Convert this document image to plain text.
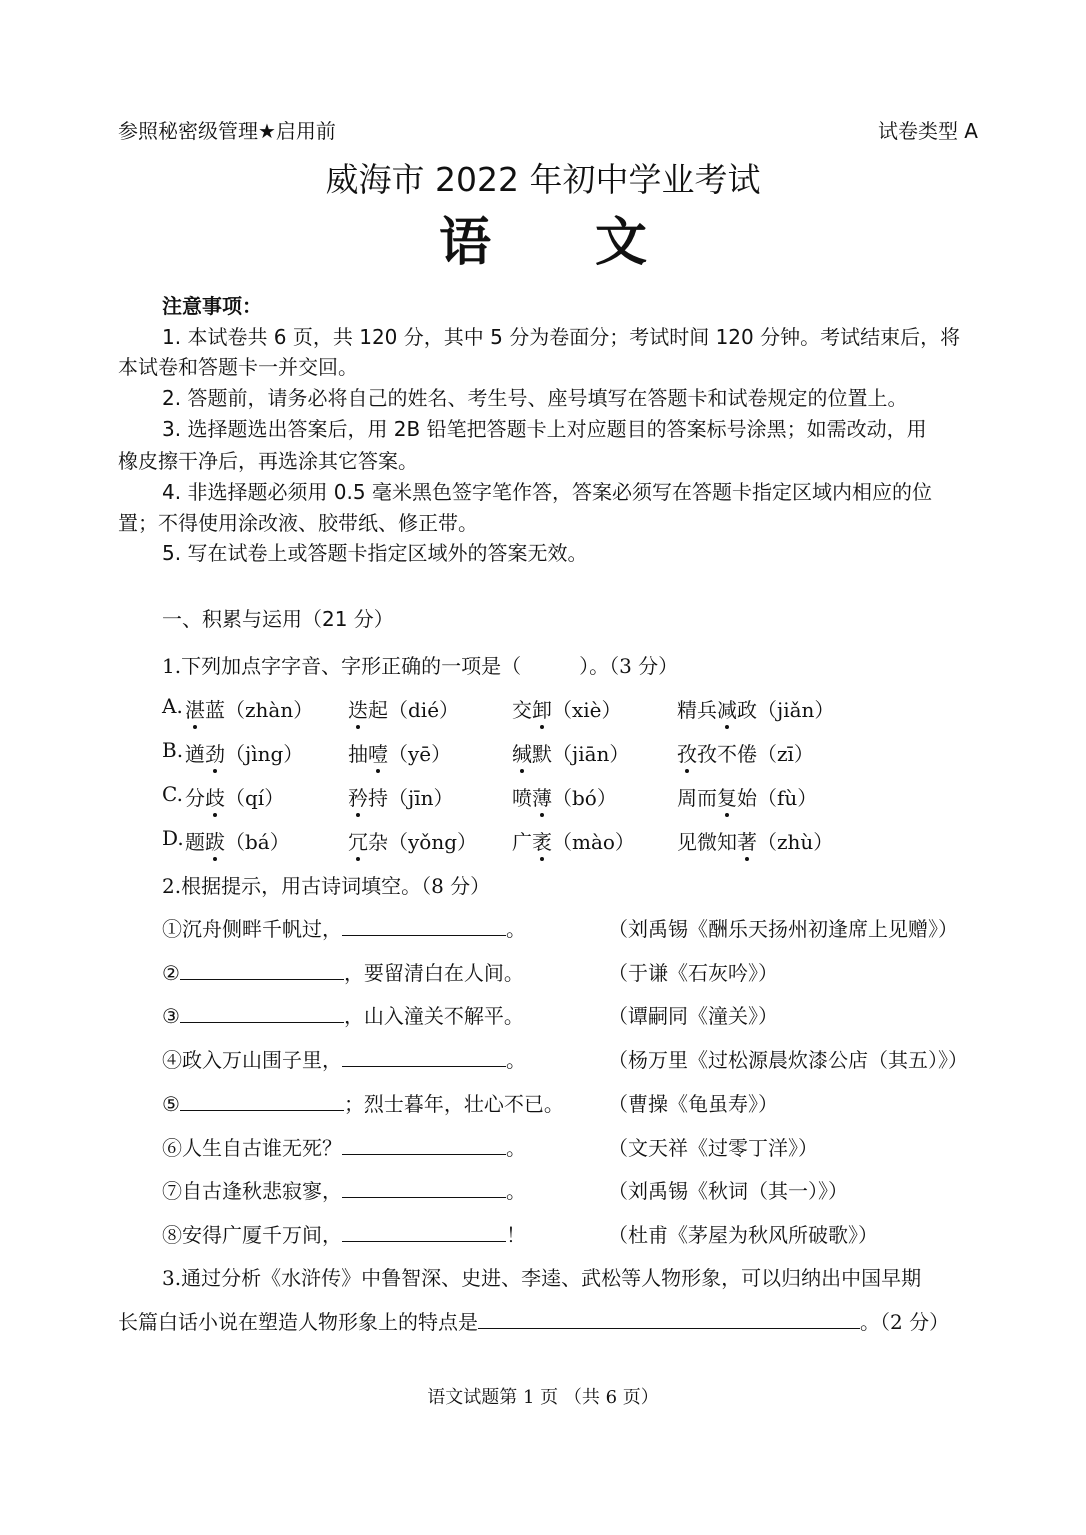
参照秘密级管理★启用前	试卷类型 A
威海市 2022 年初中学业考试
语　　文
注意事项：
1. 本试卷共 6 页，共 120 分，其中 5 分为卷面分；考试时间 120 分钟。考试结束后，将
本试卷和答题卡一并交回。
2. 答题前，请务必将自己的姓名、考生号、座号填写在答题卡和试卷规定的位置上。
3. 选择题选出答案后，用 2B 铅笔把答题卡上对应题目的答案标号涂黑；如需改动，用
橡皮擦干净后，再选涂其它答案。
4. 非选择题必须用 0.5 毫米黑色签字笔作答，答案必须写在答题卡指定区域内相应的位
置；不得使用涂改液、胶带纸、修正带。
5. 写在试卷上或答题卡指定区域外的答案无效。
一、积累与运用（21 分）
1.下列加点字字音、字形正确的一项是（	）。（3 分）
A. 湛蓝（zhàn） 迭起（dié）	交卸（xiè）	精兵减政（jiǎn）
B. 遒劲（jìng） 抽噎（yē）	缄默（jiān） 孜孜不倦（zī）
C. 分歧（qí）	矜持（jīn）	喷薄（bó）	周而复始（fù）
D. 题跋（bá）	冗杂（yǒng） 广袤（mào） 见微知著（zhù）
2.根据提示，用古诗词填空。（8 分）
①沉舟侧畔千帆过，	。	（刘禹锡《酬乐天扬州初逢席上见赠》）
②	，要留清白在人间。	（于谦《石灰吟》）
③	，山入潼关不解平。	（谭嗣同《潼关》）
④政入万山围子里，	。	（杨万里《过松源晨炊漆公店（其五）》）
⑤	；烈士暮年，壮心不已。 （曹操《龟虽寿》）
⑥人生自古谁无死？	。	（文天祥《过零丁洋》）
⑦自古逢秋悲寂寥，	。	（刘禹锡《秋词（其一）》）
⑧安得广厦千万间，	！	（杜甫《茅屋为秋风所破歌》）
3.通过分析《水浒传》中鲁智深、史进、李逵、武松等人物形象，可以归纳出中国早期
长篇白话小说在塑造人物形象上的特点是	。（2 分）
语文试题第 1 页 （共 6 页）
